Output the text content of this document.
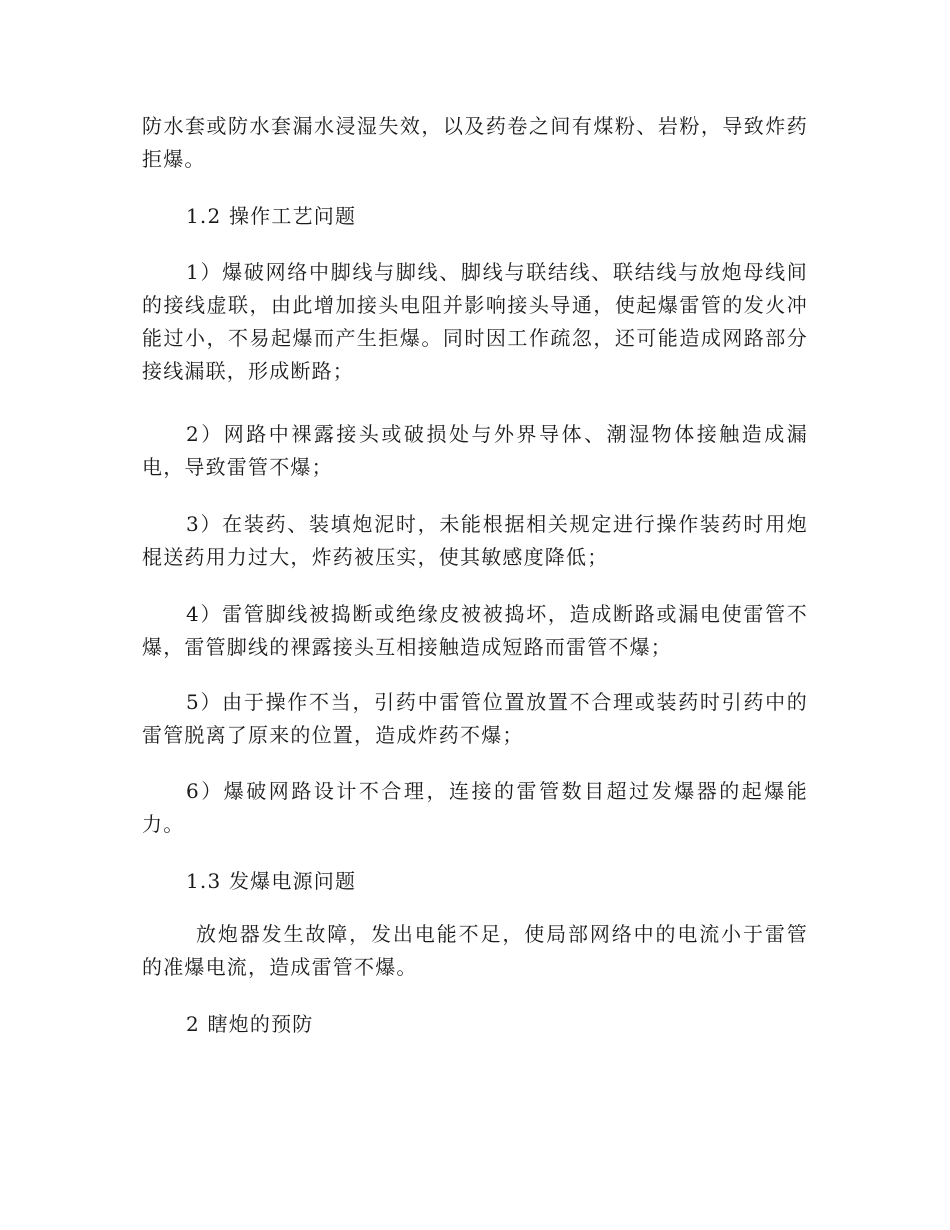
防水套或防水套漏水浸湿失效，以及药卷之间有煤粉、岩粉，导致炸药拒爆。

1.2 操作工艺问题

1）爆破网络中脚线与脚线、脚线与联结线、联结线与放炮母线间的接线虚联，由此增加接头电阻并影响接头导通，使起爆雷管的发火冲能过小，不易起爆而产生拒爆。同时因工作疏忽，还可能造成网路部分接线漏联，形成断路；

2）网路中裸露接头或破损处与外界导体、潮湿物体接触造成漏电，导致雷管不爆；

3）在装药、装填炮泥时，未能根据相关规定进行操作装药时用炮棍送药用力过大，炸药被压实，使其敏感度降低；

4）雷管脚线被捣断或绝缘皮被被捣坏，造成断路或漏电使雷管不爆，雷管脚线的裸露接头互相接触造成短路而雷管不爆；

5）由于操作不当，引药中雷管位置放置不合理或装药时引药中的雷管脱离了原来的位置，造成炸药不爆；

6）爆破网路设计不合理，连接的雷管数目超过发爆器的起爆能力。

1.3 发爆电源问题

放炮器发生故障，发出电能不足，使局部网络中的电流小于雷管的准爆电流，造成雷管不爆。

2 瞎炮的预防
